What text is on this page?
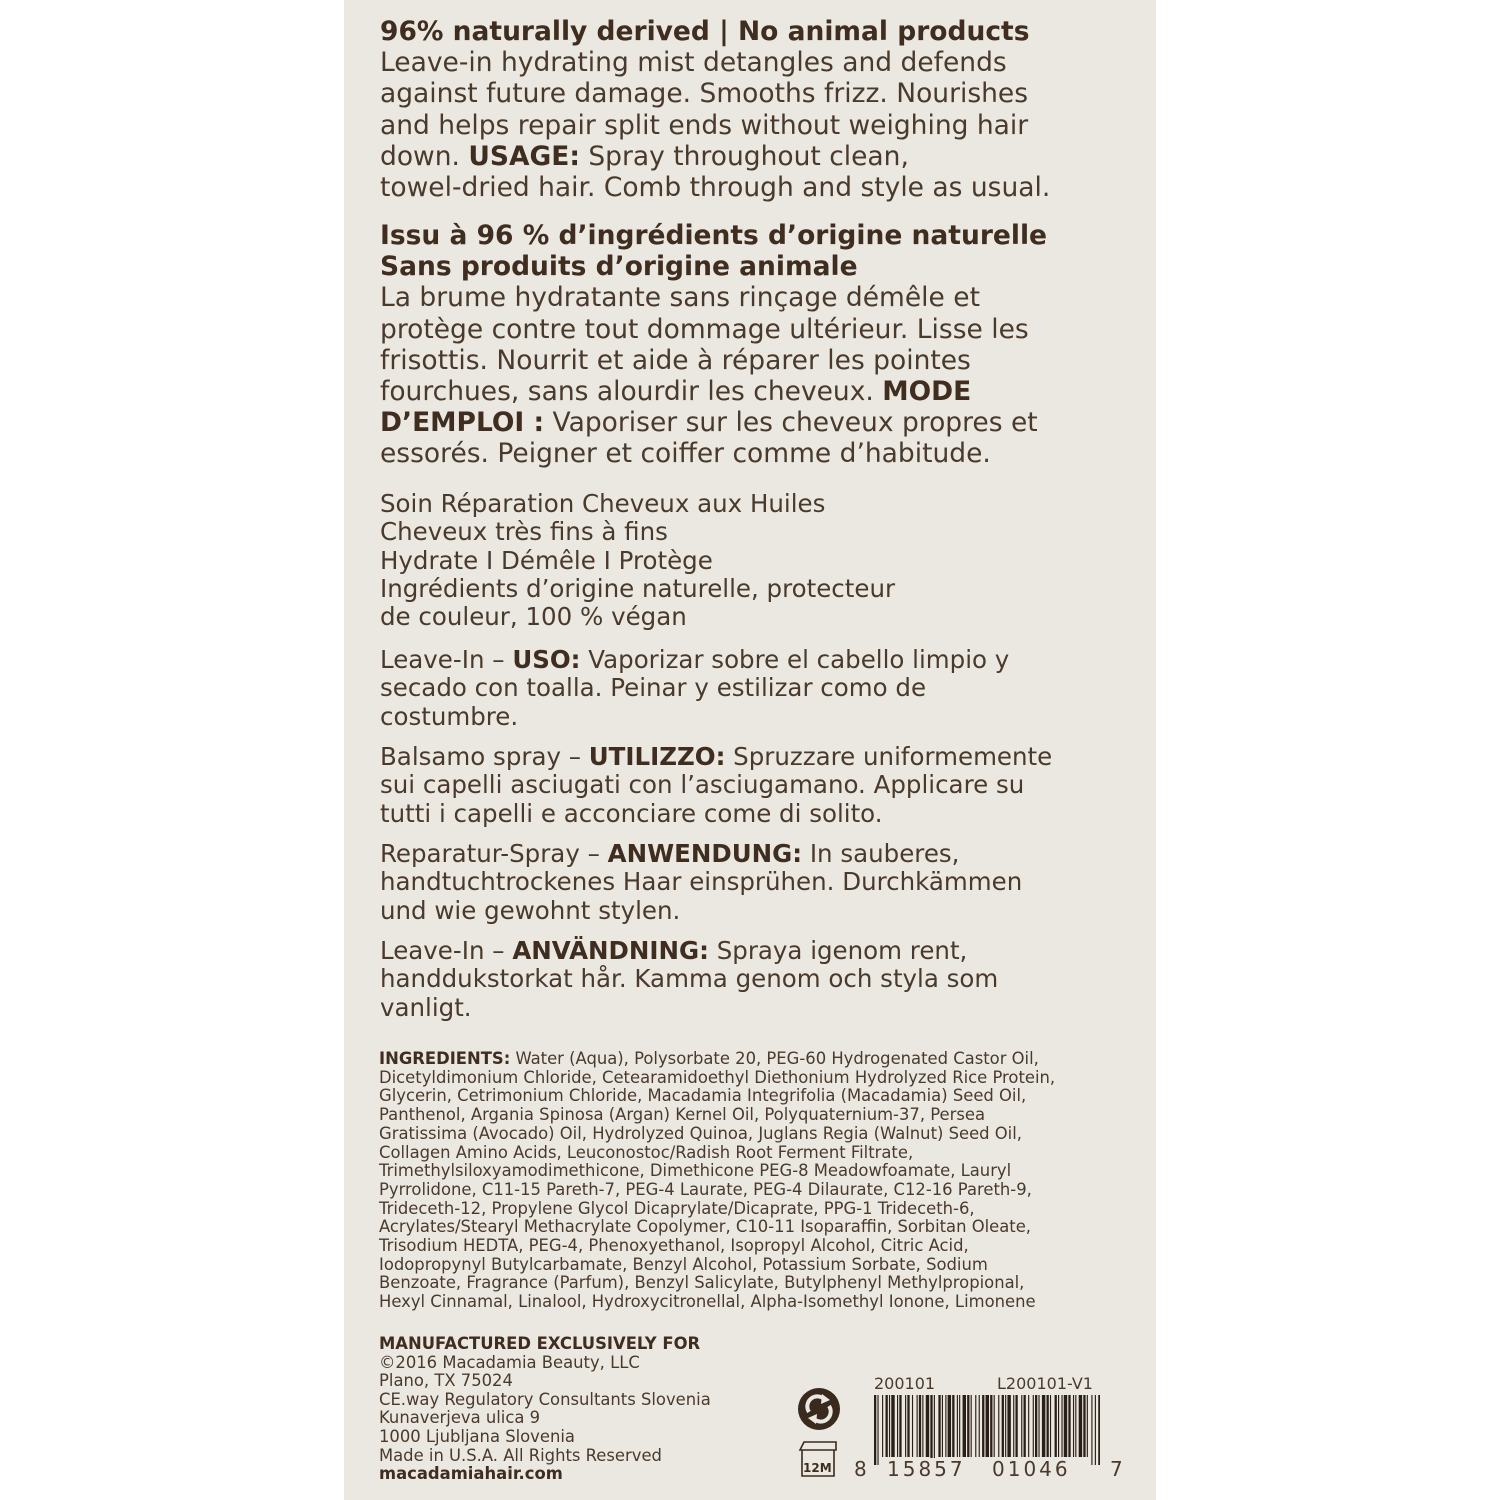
96% naturally derived | No animal products
Leave-in hydrating mist detangles and defends
against future damage. Smooths frizz. Nourishes
and helps repair split ends without weighing hair
down. USAGE: Spray throughout clean,
towel-dried hair. Comb through and style as usual.
Issu à 96 % d’ingrédients d’origine naturelle
Sans produits d’origine animale
La brume hydratante sans rinçage démêle et
protège contre tout dommage ultérieur. Lisse les
frisottis. Nourrit et aide à réparer les pointes
fourchues, sans alourdir les cheveux. MODE
D’EMPLOI : Vaporiser sur les cheveux propres et
essorés. Peigner et coiffer comme d’habitude.
Soin Réparation Cheveux aux Huiles
Cheveux très fins à fins
Hydrate I Démêle I Protège
Ingrédients d’origine naturelle, protecteur
de couleur, 100 % végan
Leave-In – USO: Vaporizar sobre el cabello limpio y
secado con toalla. Peinar y estilizar como de
costumbre.
Balsamo spray – UTILIZZO: Spruzzare uniformemente
sui capelli asciugati con l’asciugamano. Applicare su
tutti i capelli e acconciare come di solito.
Reparatur-Spray – ANWENDUNG: In sauberes,
handtuchtrockenes Haar einsprühen. Durchkämmen
und wie gewohnt stylen.
Leave-In – ANVÄNDNING: Spraya igenom rent,
handdukstorkat hår. Kamma genom och styla som
vanligt.
INGREDIENTS: Water (Aqua), Polysorbate 20, PEG-60 Hydrogenated Castor Oil,
Dicetyldimonium Chloride, Cetearamidoethyl Diethonium Hydrolyzed Rice Protein,
Glycerin, Cetrimonium Chloride, Macadamia Integrifolia (Macadamia) Seed Oil,
Panthenol, Argania Spinosa (Argan) Kernel Oil, Polyquaternium-37, Persea
Gratissima (Avocado) Oil, Hydrolyzed Quinoa, Juglans Regia (Walnut) Seed Oil,
Collagen Amino Acids, Leuconostoc/Radish Root Ferment Filtrate,
Trimethylsiloxyamodimethicone, Dimethicone PEG-8 Meadowfoamate, Lauryl
Pyrrolidone, C11-15 Pareth-7, PEG-4 Laurate, PEG-4 Dilaurate, C12-16 Pareth-9,
Trideceth-12, Propylene Glycol Dicaprylate/Dicaprate, PPG-1 Trideceth-6,
Acrylates/Stearyl Methacrylate Copolymer, C10-11 Isoparaffin, Sorbitan Oleate,
Trisodium HEDTA, PEG-4, Phenoxyethanol, Isopropyl Alcohol, Citric Acid,
Iodopropynyl Butylcarbamate, Benzyl Alcohol, Potassium Sorbate, Sodium
Benzoate, Fragrance (Parfum), Benzyl Salicylate, Butylphenyl Methylpropional,
Hexyl Cinnamal, Linalool, Hydroxycitronellal, Alpha-Isomethyl Ionone, Limonene
MANUFACTURED EXCLUSIVELY FOR
©2016 Macadamia Beauty, LLC
Plano, TX 75024
CE.way Regulatory Consultants Slovenia
Kunaverjeva ulica 9
1000 Ljubljana Slovenia
Made in U.S.A. All Rights Reserved
macadamiahair.com	12M
200101	L200101-V1
8 15857 01046 7
